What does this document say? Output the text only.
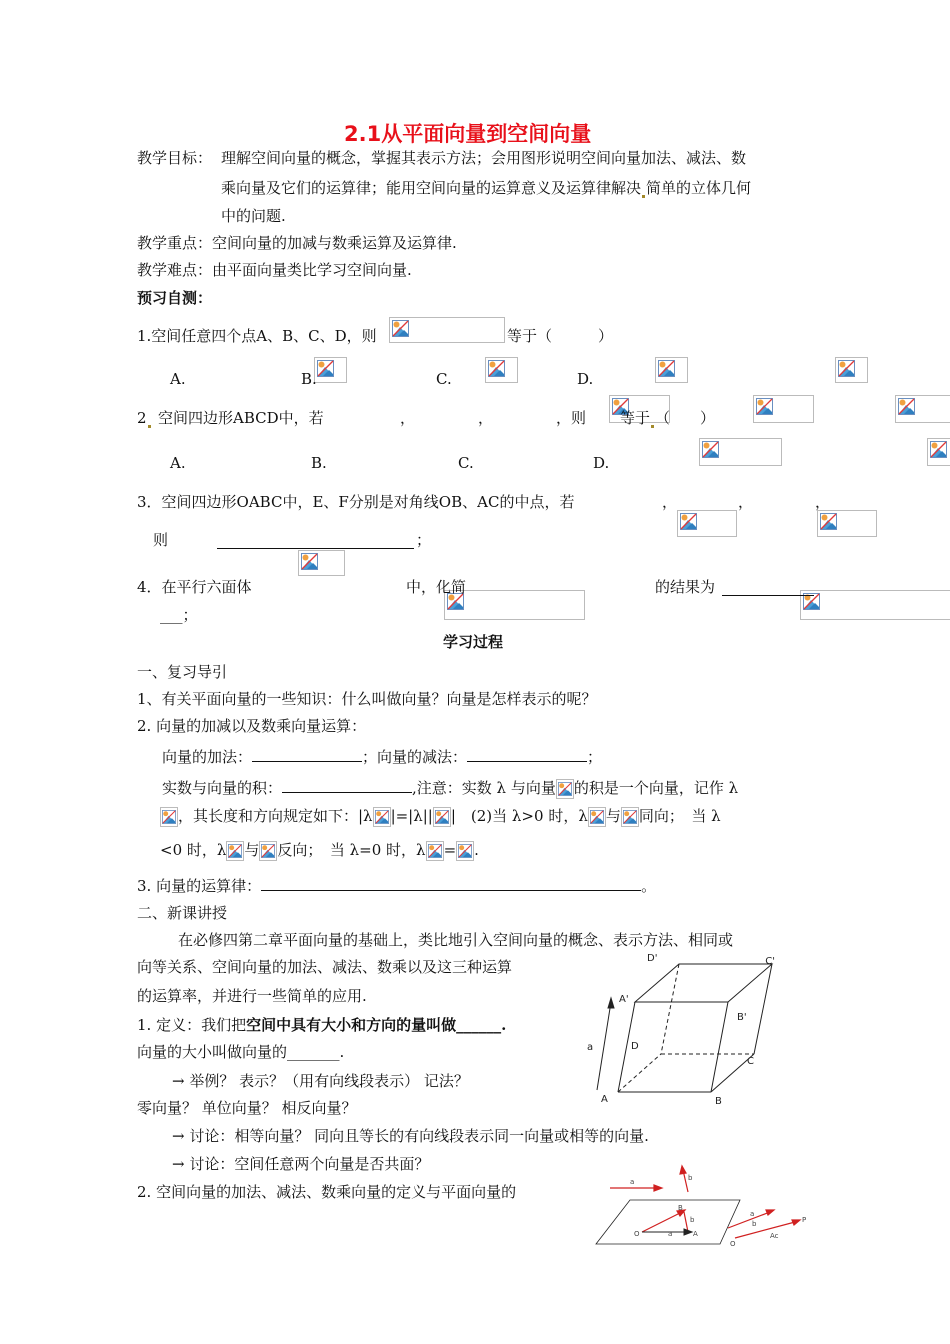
2.1从平面向量到空间向量
教学目标： 理解空间向量的概念，掌握其表示方法；会用图形说明空间向量加法、减法、数
乘向量及它们的运算律；能用空间向量的运算意义及运算律解决 简单的立体几何
中的问题.
教学重点：空间向量的加减与数乘运算及运算律.
教学难点：由平面向量类比学习空间向量.
预习自测：
1.空间任意四个点A、B、C、D，则
	等于（	）
A.
	B.
	C.
	D.

2 空间四边形ABCD中，若
	，
	，
	，则
等于 （　　）
A.
	B.
	C.
	D.

3．空间四边形OABC中，E、F分别是对角线OB、AC的中点，若
	，
	，
	，
则
	；
4．在平行六面体
	中，化简	的结果为
___；
学习过程
一、复习导引
1、有关平面向量的一些知识：什么叫做向量？向量是怎样表示的呢？
2. 向量的加减以及数乘向量运算：
向量的加法：	；向量的减法：	；
实数与向量的积：	,注意：实数 λ 与向量 的积是一个向量，记作 λ
，其长度和方向规定如下：|λ |=|λ|| |　(2)当 λ>0 时，λ 与 同向；　当 λ
<0 时，λ 与 反向；　当 λ=0 时，λ = .
3. 向量的运算律：	。
二、新课讲授
在必修四第二章平面向量的基础上，类比地引入空间向量的概念、表示方法、相同或
向等关系、空间向量的加法、减法、数乘以及这三种运算
的运算率，并进行一些简单的应用.
1. 定义：我们把空间中具有大小和方向的量叫做______.
向量的大小叫做向量的_______.
→ 举例？ 表示？（用有向线段表示） 记法？
零向量？ 单位向量？ 相反向量？
→ 讨论：相等向量？ 同向且等长的有向线段表示同一向量或相等的向量.
→ 讨论：空间任意两个向量是否共面？
2. 空间向量的加法、减法、数乘向量的定义与平面向量的
D'	C'
A'
B'
D
C
A	B
a
a	b
a
b
O	A
B
a
b	P
Ac
O
